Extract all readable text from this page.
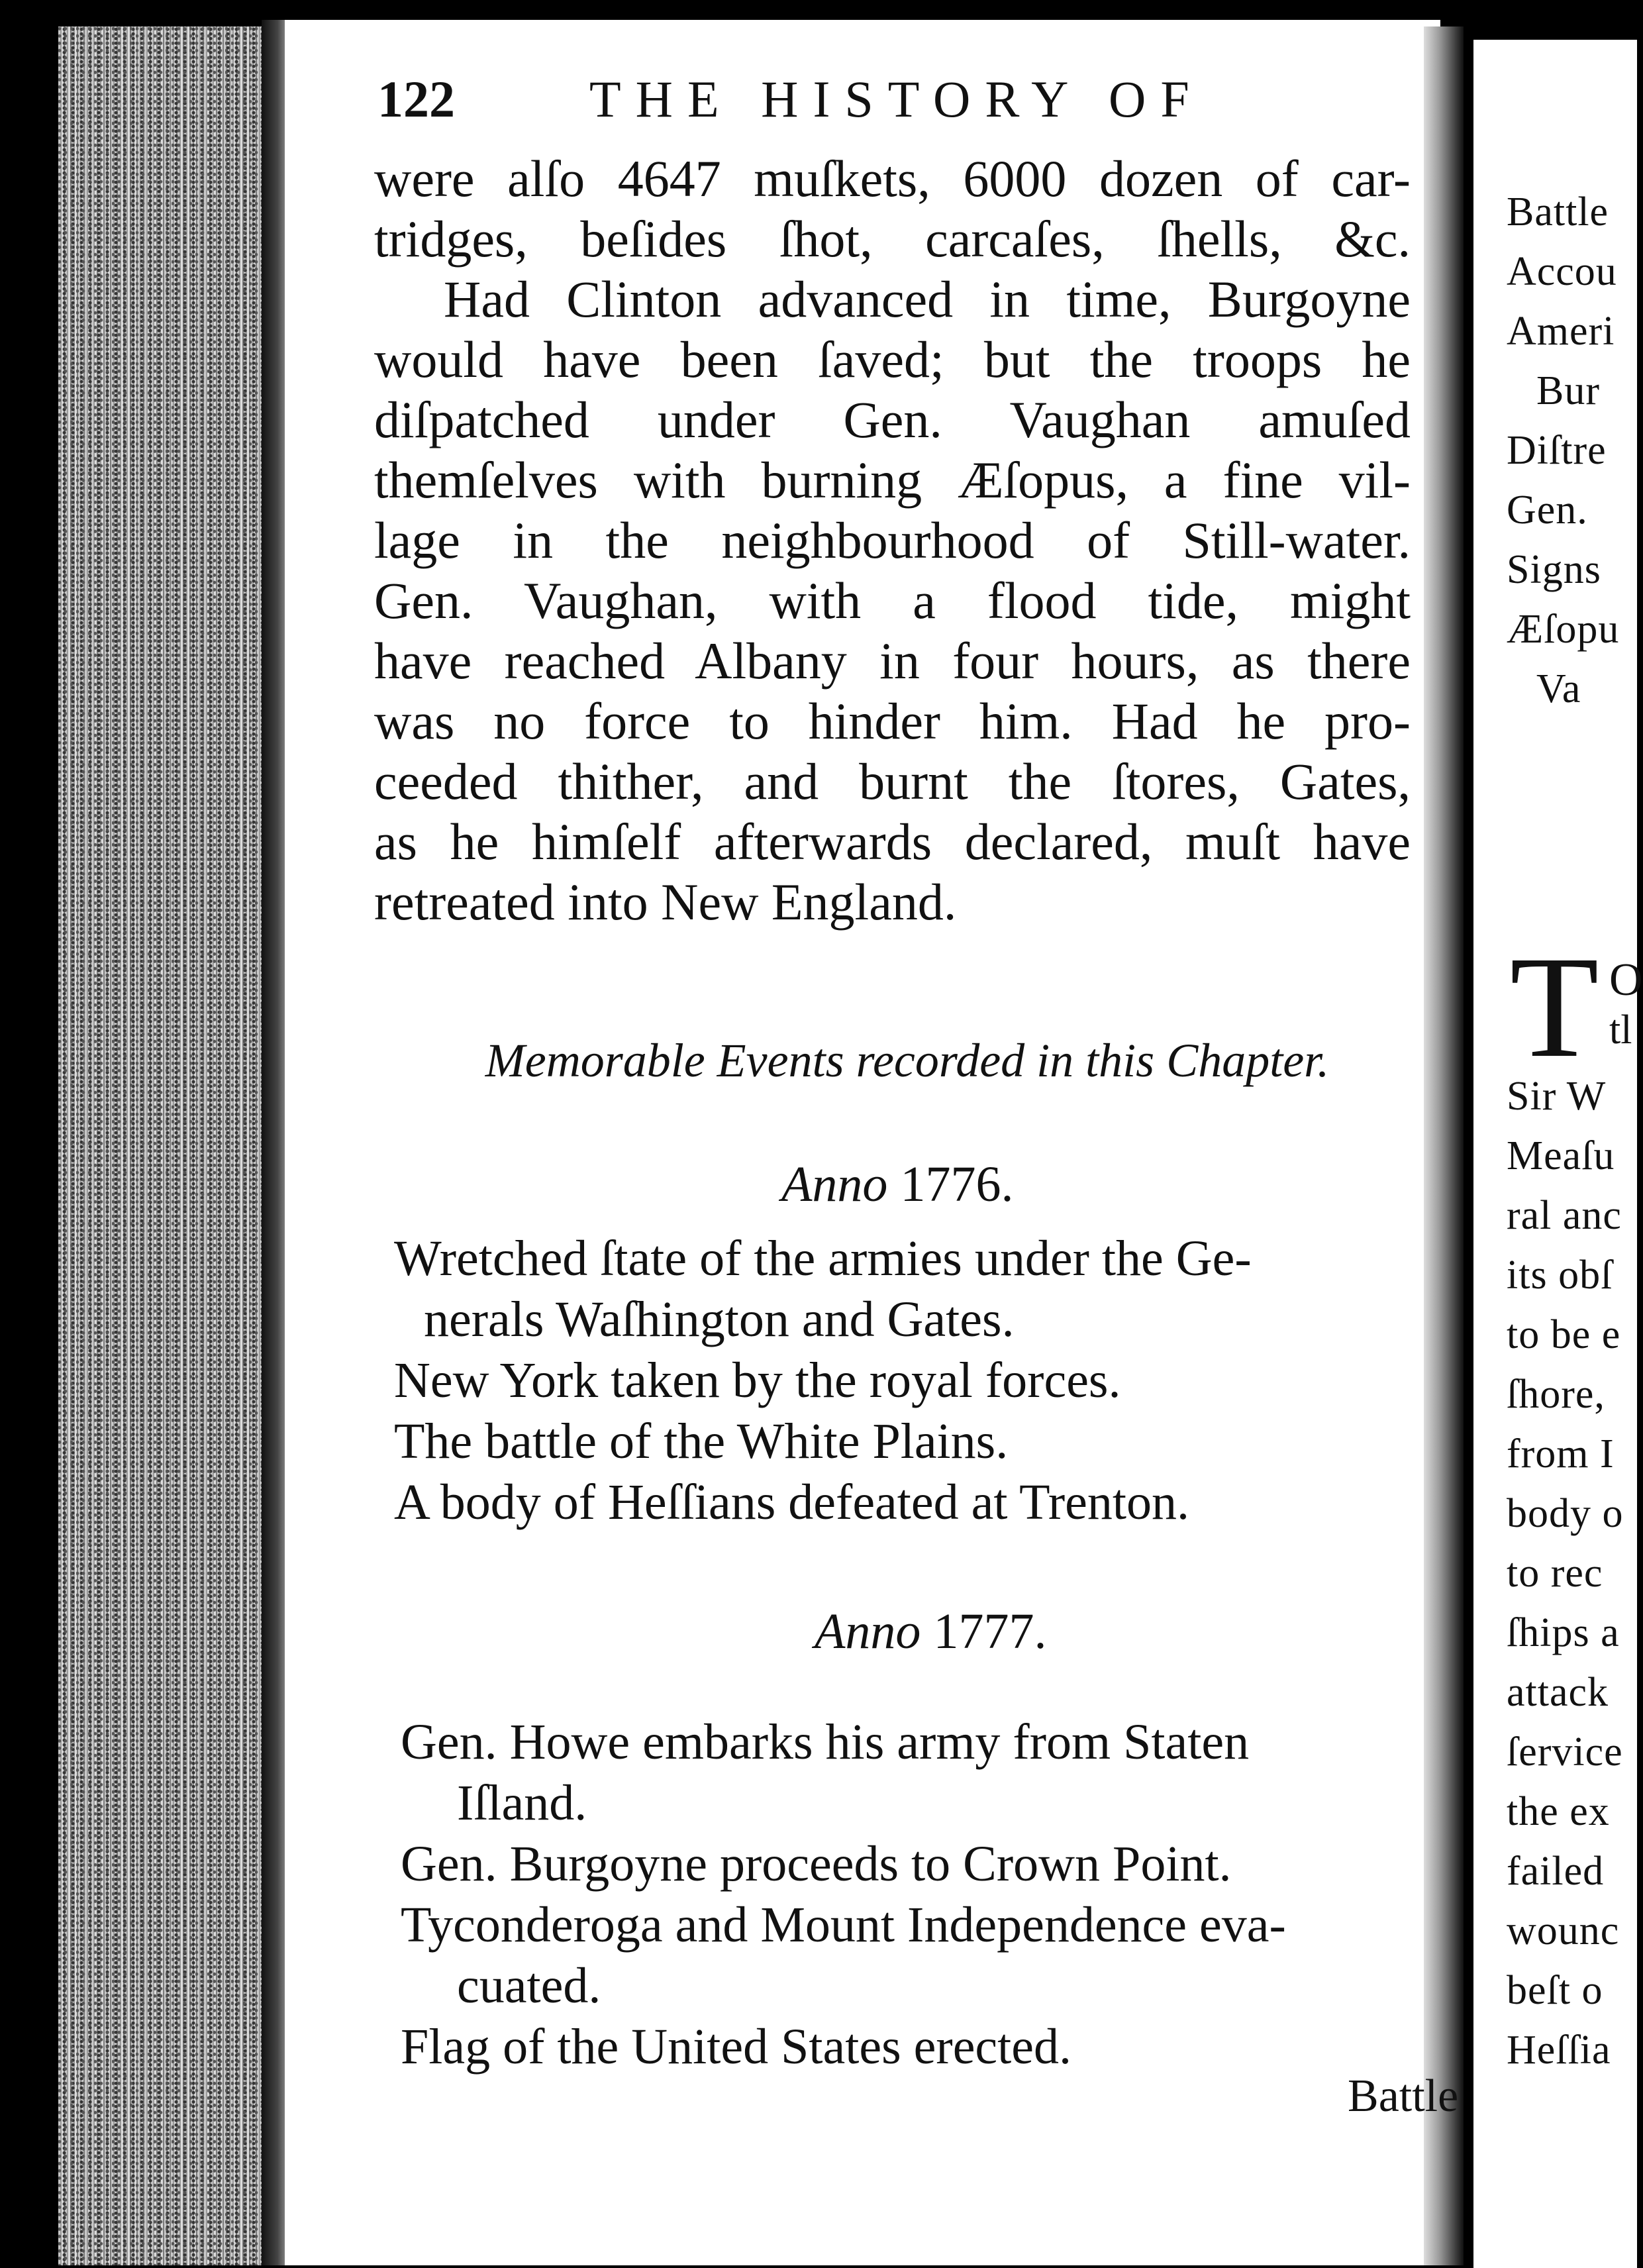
122	THE HISTORY OF
were alſo 4647 muſkets, 6000 dozen of car-
tridges, beſides ſhot, carcaſes, ſhells, &c.
Had Clinton advanced in time, Burgoyne
would have been ſaved; but the troops he
diſpatched under Gen. Vaughan amuſed
themſelves with burning Æſopus, a fine vil-
lage in the neighbourhood of Still-water.
Gen. Vaughan, with a flood tide, might
have reached Albany in four hours, as there
was no force to hinder him. Had he pro-
ceeded thither, and burnt the ſtores, Gates,
as he himſelf afterwards declared, muſt have
retreated into New England.
Memorable Events recorded in this Chapter.
Anno 1776.
Wretched ſtate of the armies under the Ge-
nerals Waſhington and Gates.
New York taken by the royal forces.
The battle of the White Plains.
A body of Heſſians defeated at Trenton.
Anno 1777.
Gen. Howe embarks his army from Staten
Iſland.
Gen. Burgoyne proceeds to Crown Point.
Tyconderoga and Mount Independence eva-
cuated.
Flag of the United States erected.
Battle
Battle
Accou
Ameri
Bur
Diſtre
Gen.
Signs
Æſopu
Va
T O
tl
Sir W
Meaſu
ral anc
its obſ
to be e
ſhore,
from I
body o
to rec
ſhips a
attack
ſervice
the ex
failed
wounc
beſt o
Heſſia
